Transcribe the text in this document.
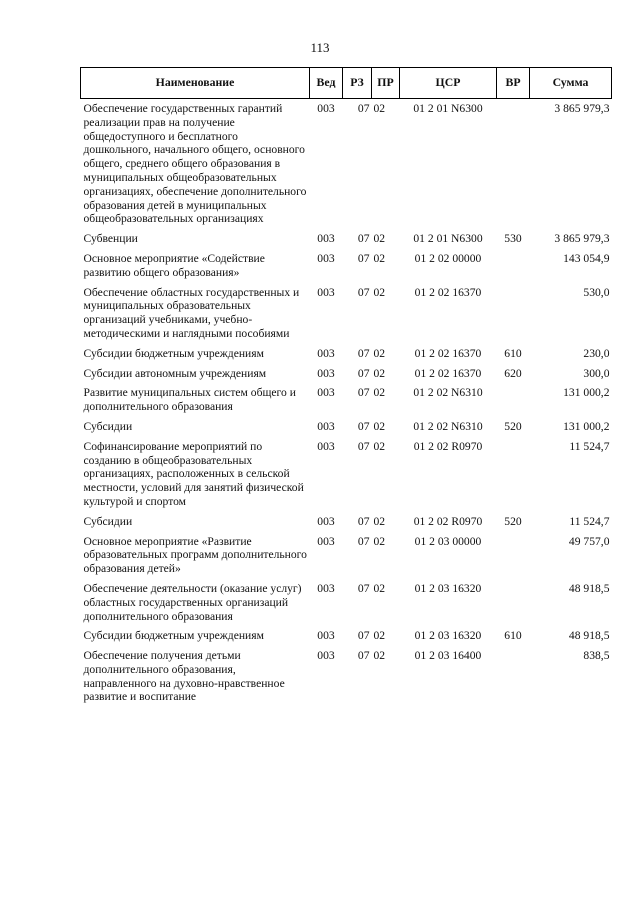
113
Наименование	Вед	РЗ	ПР	ЦСР	ВР	Сумма
Обеспечение государственных гарантий реализации прав на получение общедоступного и бесплатного дошкольного, начального общего, основного общего, среднего общего образования в муниципальных общеобразовательных организациях, обеспечение дополнительного образования детей в муниципальных общеобразовательных организациях	003	07	02	01 2 01 N6300		3 865 979,3
Субвенции	003	07	02	01 2 01 N6300	530	3 865 979,3
Основное мероприятие «Содействие развитию общего образования»	003	07	02	01 2 02 00000		143 054,9
Обеспечение областных государственных и муниципальных образовательных организаций учебниками, учебно-методическими и наглядными пособиями	003	07	02	01 2 02 16370		530,0
Субсидии бюджетным учреждениям	003	07	02	01 2 02 16370	610	230,0
Субсидии автономным учреждениям	003	07	02	01 2 02 16370	620	300,0
Развитие муниципальных систем общего и дополнительного образования	003	07	02	01 2 02 N6310		131 000,2
Субсидии	003	07	02	01 2 02 N6310	520	131 000,2
Софинансирование мероприятий по созданию в общеобразовательных организациях, расположенных в сельской местности, условий для занятий физической культурой и спортом	003	07	02	01 2 02 R0970		11 524,7
Субсидии	003	07	02	01 2 02 R0970	520	11 524,7
Основное мероприятие «Развитие образовательных программ дополнительного образования детей»	003	07	02	01 2 03 00000		49 757,0
Обеспечение деятельности (оказание услуг) областных государственных организаций дополнительного образования	003	07	02	01 2 03 16320		48 918,5
Субсидии бюджетным учреждениям	003	07	02	01 2 03 16320	610	48 918,5
Обеспечение получения детьми дополнительного образования, направленного на духовно-нравственное развитие и воспитание	003	07	02	01 2 03 16400		838,5
